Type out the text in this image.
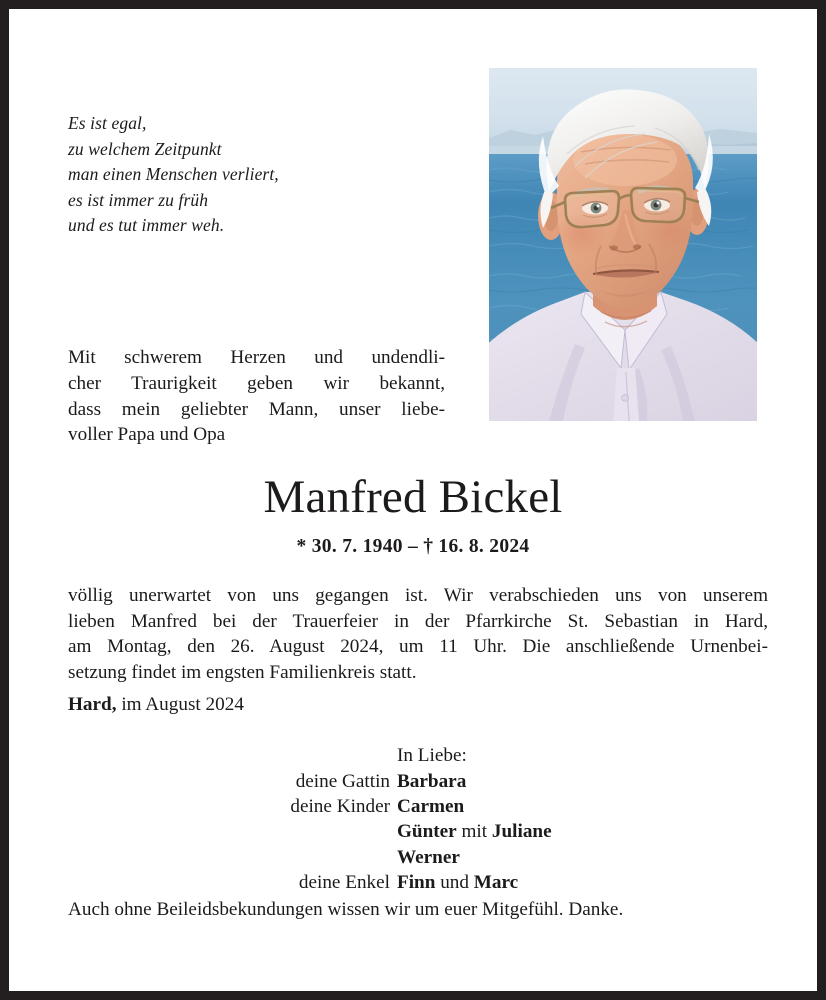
Es ist egal,
zu welchem Zeitpunkt
man einen Menschen verliert,
es ist immer zu früh
und es tut immer weh.
Mit schwerem Herzen und undendli-
cher Traurigkeit geben wir bekannt,
dass mein geliebter Mann, unser liebe-
voller Papa und Opa
Manfred Bickel
* 30. 7. 1940 – † 16. 8. 2024
völlig unerwartet von uns gegangen ist. Wir verabschieden uns von unserem
lieben Manfred bei der Trauerfeier in der Pfarrkirche St. Sebastian in Hard,
am Montag, den 26. August 2024, um 11 Uhr. Die anschließende Urnenbei-
setzung findet im engsten Familienkreis statt.
Hard, im August 2024
In Liebe:
deine Gattin Barbara
deine Kinder Carmen
Günter mit Juliane
Werner
deine Enkel Finn und Marc
Auch ohne Beileidsbekundungen wissen wir um euer Mitgefühl. Danke.
